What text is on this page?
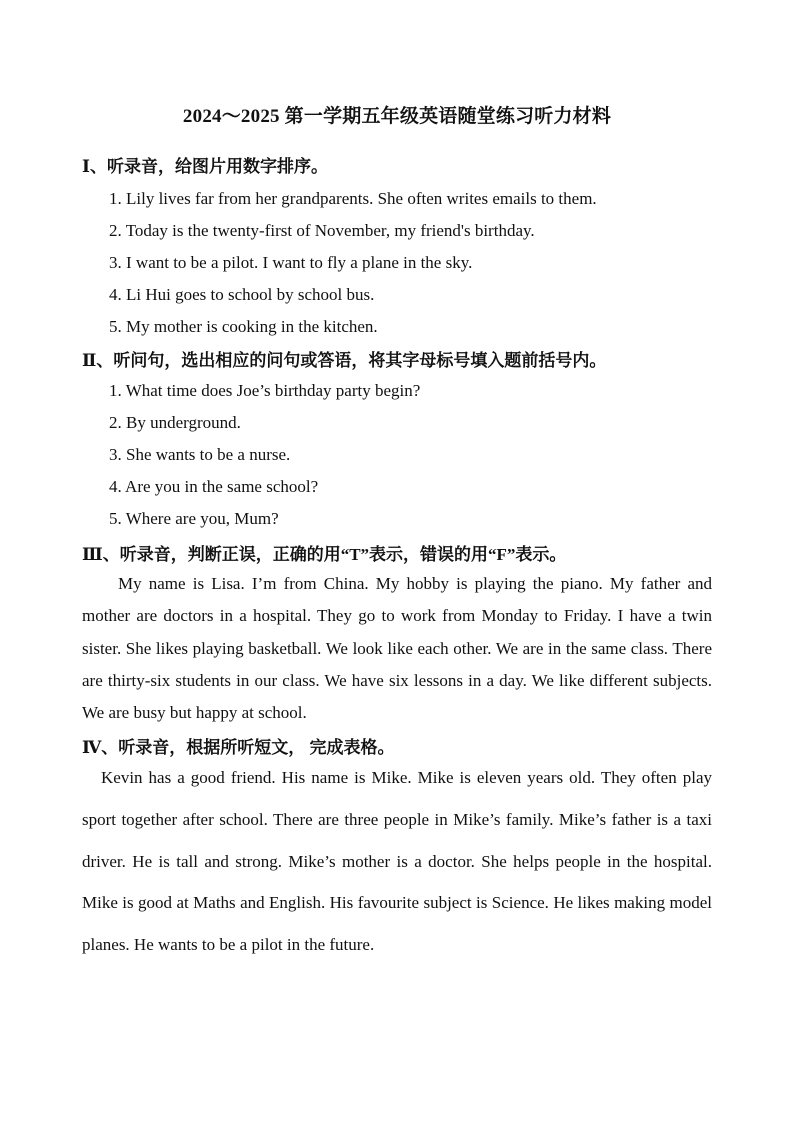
2024～2025 第一学期五年级英语随堂练习听力材料
Ⅰ、听录音，给图片用数字排序。
1. Lily lives far from her grandparents. She often writes emails to them.
2. Today is the twenty-first of November, my friend's birthday.
3. I want to be a pilot. I want to fly a plane in the sky.
4. Li Hui goes to school by school bus.
5. My mother is cooking in the kitchen.
Ⅱ、听问句，选出相应的问句或答语，将其字母标号填入题前括号内。
1. What time does Joe’s birthday party begin?
2. By underground.
3. She wants to be a nurse.
4. Are you in the same school?
5. Where are you, Mum?
Ⅲ、听录音，判断正误，正确的用“T”表示，错误的用“F”表示。

My name is Lisa. I’m from China. My hobby is playing the piano. My father and mother are doctors in a hospital. They go to work from Monday to Friday. I have a twin sister. She likes playing basketball. We look like each other. We are in the same class. There are thirty-six students in our class. We have six lessons in a day. We like different subjects. We are busy but happy at school.

Ⅳ、听录音，根据所听短文， 完成表格。

Kevin has a good friend. His name is Mike. Mike is eleven years old. They often play sport together after school. There are three people in Mike’s family. Mike’s father is a taxi driver. He is tall and strong. Mike’s mother is a doctor. She helps people in the hospital. Mike is good at Maths and English. His favourite subject is Science. He likes making model planes. He wants to be a pilot in the future.
